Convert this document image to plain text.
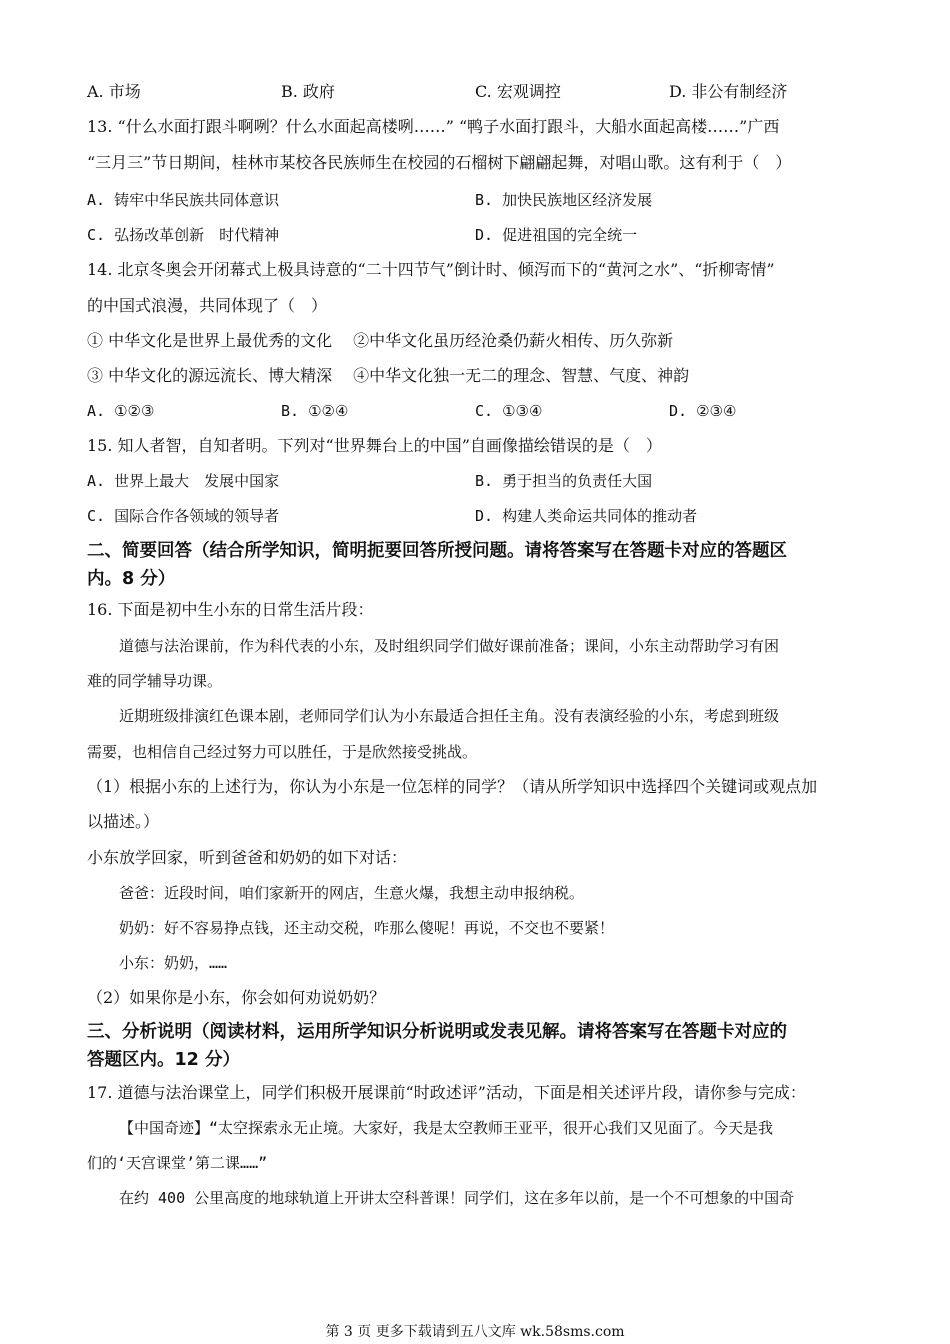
A. 市场	B. 政府	C. 宏观调控	D. 非公有制经济
13. “什么水面打跟斗啊咧？什么水面起高楼咧……” “鸭子水面打跟斗，大船水面起高楼……”广西
“三月三”节日期间，桂林市某校各民族师生在校园的石榴树下翩翩起舞，对唱山歌。这有利于（　）
A. 铸牢中华民族共同体意识	B. 加快民族地区经济发展
C. 弘扬改革创新　时代精神	D. 促进祖国的完全统一
14. 北京冬奥会开闭幕式上极具诗意的“二十四节气”倒计时、倾泻而下的“黄河之水”、“折柳寄情”
的中国式浪漫，共同体现了（　）
① 中华文化是世界上最优秀的文化　 ②中华文化虽历经沧桑仍薪火相传、历久弥新
③ 中华文化的源远流长、博大精深　 ④中华文化独一无二的理念、智慧、气度、神韵
A. ①②③	B. ①②④	C. ①③④	D. ②③④
15. 知人者智，自知者明。下列对“世界舞台上的中国”自画像描绘错误的是（　）
A. 世界上最大　发展中国家	B. 勇于担当的负责任大国
C. 国际合作各领域的领导者	D. 构建人类命运共同体的推动者
二、简要回答（结合所学知识，简明扼要回答所授问题。请将答案写在答题卡对应的答题区
内。8 分）
16. 下面是初中生小东的日常生活片段：
道德与法治课前，作为科代表的小东，及时组织同学们做好课前准备；课间，小东主动帮助学习有困
难的同学辅导功课。
近期班级排演红色课本剧，老师同学们认为小东最适合担任主角。没有表演经验的小东，考虑到班级
需要，也相信自己经过努力可以胜任，于是欣然接受挑战。
（1）根据小东的上述行为，你认为小东是一位怎样的同学？（请从所学知识中选择四个关键词或观点加
以描述。）
小东放学回家，听到爸爸和奶奶的如下对话：
爸爸：近段时间，咱们家新开的网店，生意火爆，我想主动申报纳税。
奶奶：好不容易挣点钱，还主动交税，咋那么傻呢！再说，不交也不要紧！
小东：奶奶，……
（2）如果你是小东，你会如何劝说奶奶？
三、分析说明（阅读材料，运用所学知识分析说明或发表见解。请将答案写在答题卡对应的
答题区内。12 分）
17. 道德与法治课堂上，同学们积极开展课前“时政述评”活动，下面是相关述评片段，请你参与完成：
【中国奇迹】“太空探索永无止境。大家好，我是太空教师王亚平，很开心我们又见面了。今天是我
们的‘天宫课堂’第二课……”
在约 400 公里高度的地球轨道上开讲太空科普课！同学们，这在多年以前，是一个不可想象的中国奇
第 3 页 更多下载请到五八文库 wk.58sms.com
